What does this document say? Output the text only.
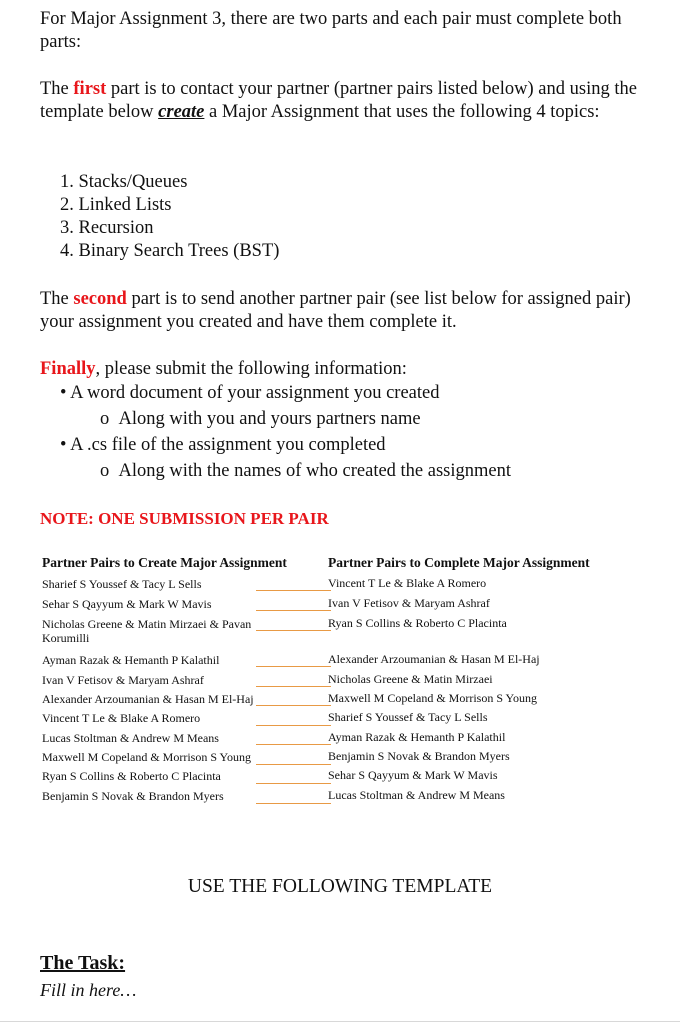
For Major Assignment 3, there are two parts and each pair must complete both parts:

The first part is to contact your partner (partner pairs listed below) and using the template below create a Major Assignment that uses the following 4 topics:

1. Stacks/Queues
2. Linked Lists
3. Recursion
4. Binary Search Trees (BST)

The second part is to send another partner pair (see list below for assigned pair) your assignment you created and have them complete it.

Finally, please submit the following information:

• A word document of your assignment you created
o Along with you and yours partners name
• A .cs file of the assignment you completed
o Along with the names of who created the assignment
NOTE: ONE SUBMISSION PER PAIR
Partner Pairs to Create Major Assignment	Partner Pairs to Complete Major Assignment
Sharief S Youssef & Tacy L Sells
Sehar S Qayyum & Mark W Mavis
Nicholas Greene & Matin Mirzaei & Pavan Korumilli
Ayman Razak & Hemanth P Kalathil
Ivan V Fetisov & Maryam Ashraf
Alexander Arzoumanian & Hasan M El-Haj
Vincent T Le & Blake A Romero
Lucas Stoltman & Andrew M Means
Maxwell M Copeland & Morrison S Young
Ryan S Collins & Roberto C Placinta
Benjamin S Novak & Brandon Myers
Vincent T Le & Blake A Romero
Ivan V Fetisov & Maryam Ashraf
Ryan S Collins & Roberto C Placinta
Alexander Arzoumanian & Hasan M El-Haj
Nicholas Greene & Matin Mirzaei
Maxwell M Copeland & Morrison S Young
Sharief S Youssef & Tacy L Sells
Ayman Razak & Hemanth P Kalathil
Benjamin S Novak & Brandon Myers
Sehar S Qayyum & Mark W Mavis
Lucas Stoltman & Andrew M Means
USE THE FOLLOWING TEMPLATE
The Task:
Fill in here…
